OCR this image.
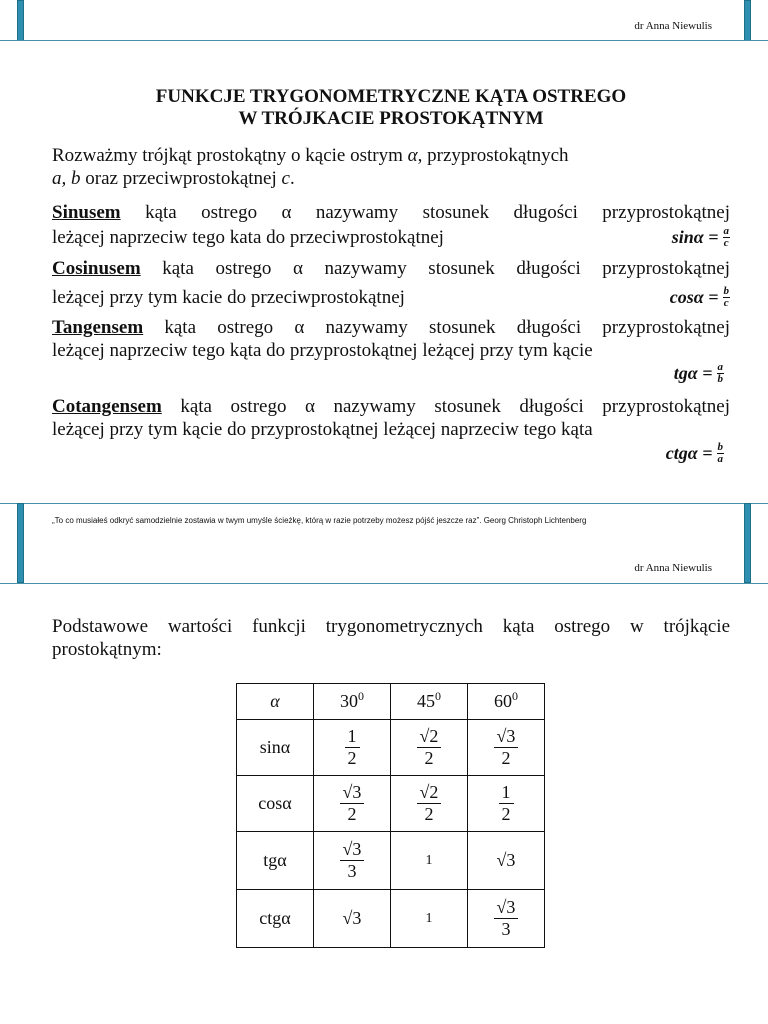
dr Anna Niewulis
FUNKCJE TRYGONOMETRYCZNE KĄTA OSTREGO
W TRÓJKACIE PROSTOKĄTNYM
Rozważmy trójkąt prostokątny o kącie ostrym α, przyprostokątnych
a, b oraz przeciwprostokątnej c.
Sinusem kąta ostrego α nazywamy stosunek długości przyprostokątnej
leżącej naprzeciw tego kata do przeciwprostokątnej	$\sin\alpha = \frac{a}{c}$
Cosinusem kąta ostrego α nazywamy stosunek długości przyprostokątnej
leżącej przy tym kacie do przeciwprostokątnej	$\cos\alpha = \frac{b}{c}$
Tangensem kąta ostrego α nazywamy stosunek długości przyprostokątnej
leżącej naprzeciw tego kąta do przyprostokątnej leżącej przy tym kącie
$tg\alpha = \frac{a}{b}$
Cotangensem kąta ostrego α nazywamy stosunek długości przyprostokątnej
leżącej przy tym kącie do przyprostokątnej leżącej naprzeciw tego kąta
$ctg\alpha = \frac{b}{a}$
„To co musiałeś odkryć samodzielnie zostawia w twym umyśle ścieżkę, którą w razie potrzeby możesz pójść jeszcze raz”. Georg Christoph Lichtenberg
dr Anna Niewulis
Podstawowe wartości funkcji trygonometrycznych kąta ostrego w trójkącie
prostokątnym:
α	$30^0$	$45^0$	$60^0$
sinα	$\frac{1}{2}$	$\frac{√2}{2}$	$\frac{√3}{2}$

cosα	$\frac{√3}{2}$	$\frac{√2}{2}$	$\frac{1}{2}$

tgα	$\frac{√3}{3}$	1	√3
ctgα	√3	1	$\frac{√3}{3}$
